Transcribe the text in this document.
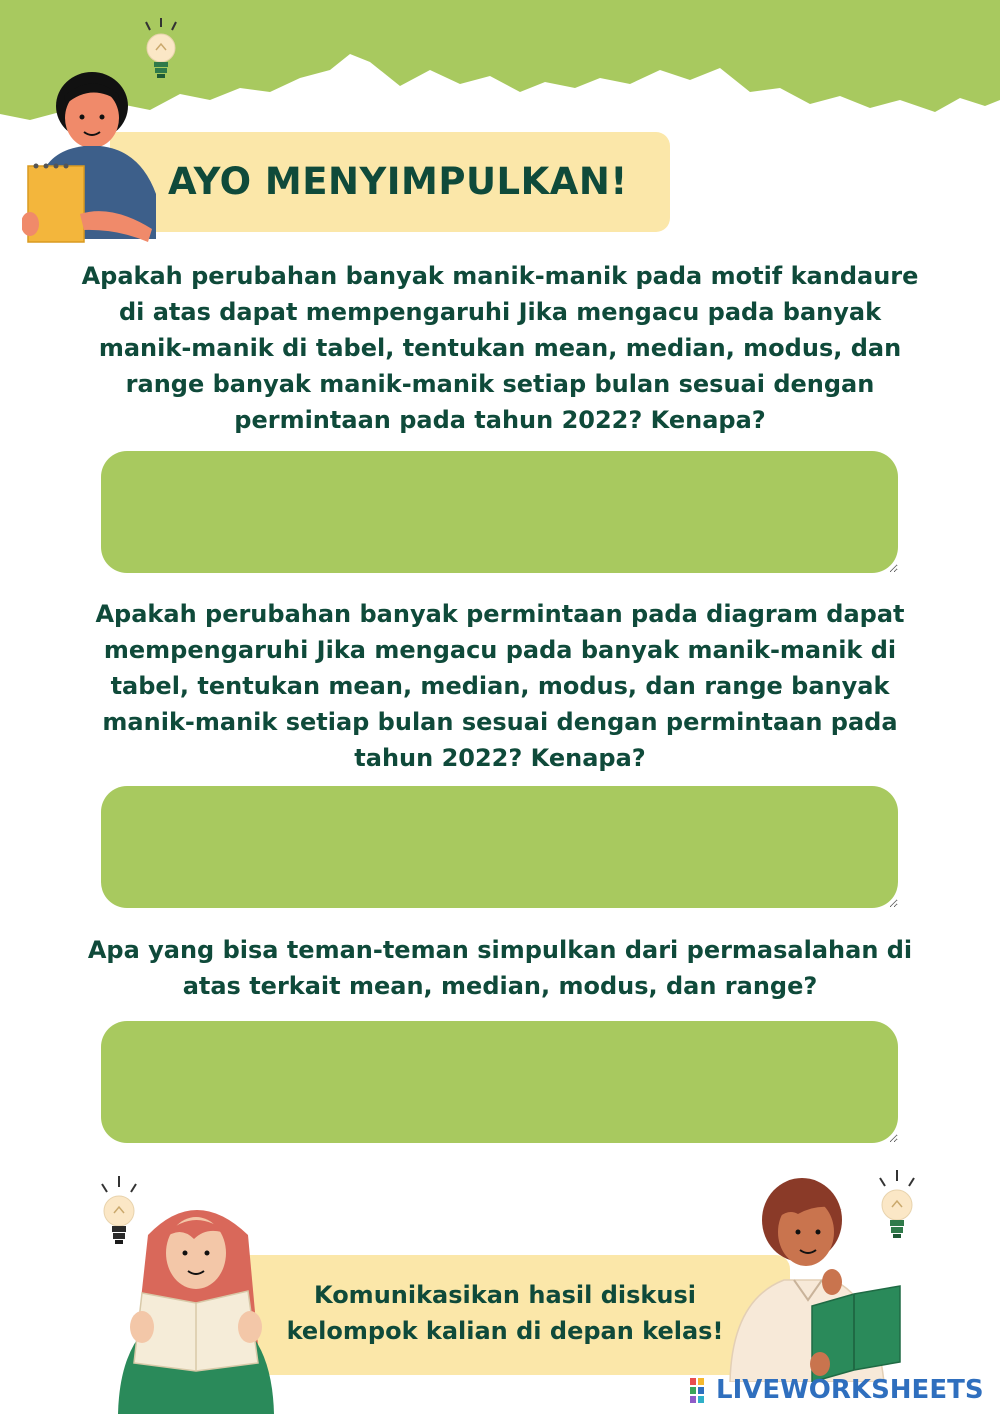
AYO MENYIMPULKAN!
Apakah perubahan banyak manik-manik pada motif kandaure di atas dapat mempengaruhi Jika mengacu pada banyak manik-manik di tabel, tentukan mean, median, modus, dan range banyak manik-manik setiap bulan sesuai dengan permintaan pada tahun 2022? Kenapa?
Apakah perubahan banyak permintaan pada diagram dapat mempengaruhi Jika mengacu pada banyak manik-manik di tabel, tentukan mean, median, modus, dan range banyak manik-manik setiap bulan sesuai dengan permintaan pada tahun 2022? Kenapa?
Apa yang bisa teman-teman simpulkan dari permasalahan di atas terkait mean, median, modus, dan range?
Komunikasikan hasil diskusi kelompok kalian di depan kelas!
LIVEWORKSHEETS
